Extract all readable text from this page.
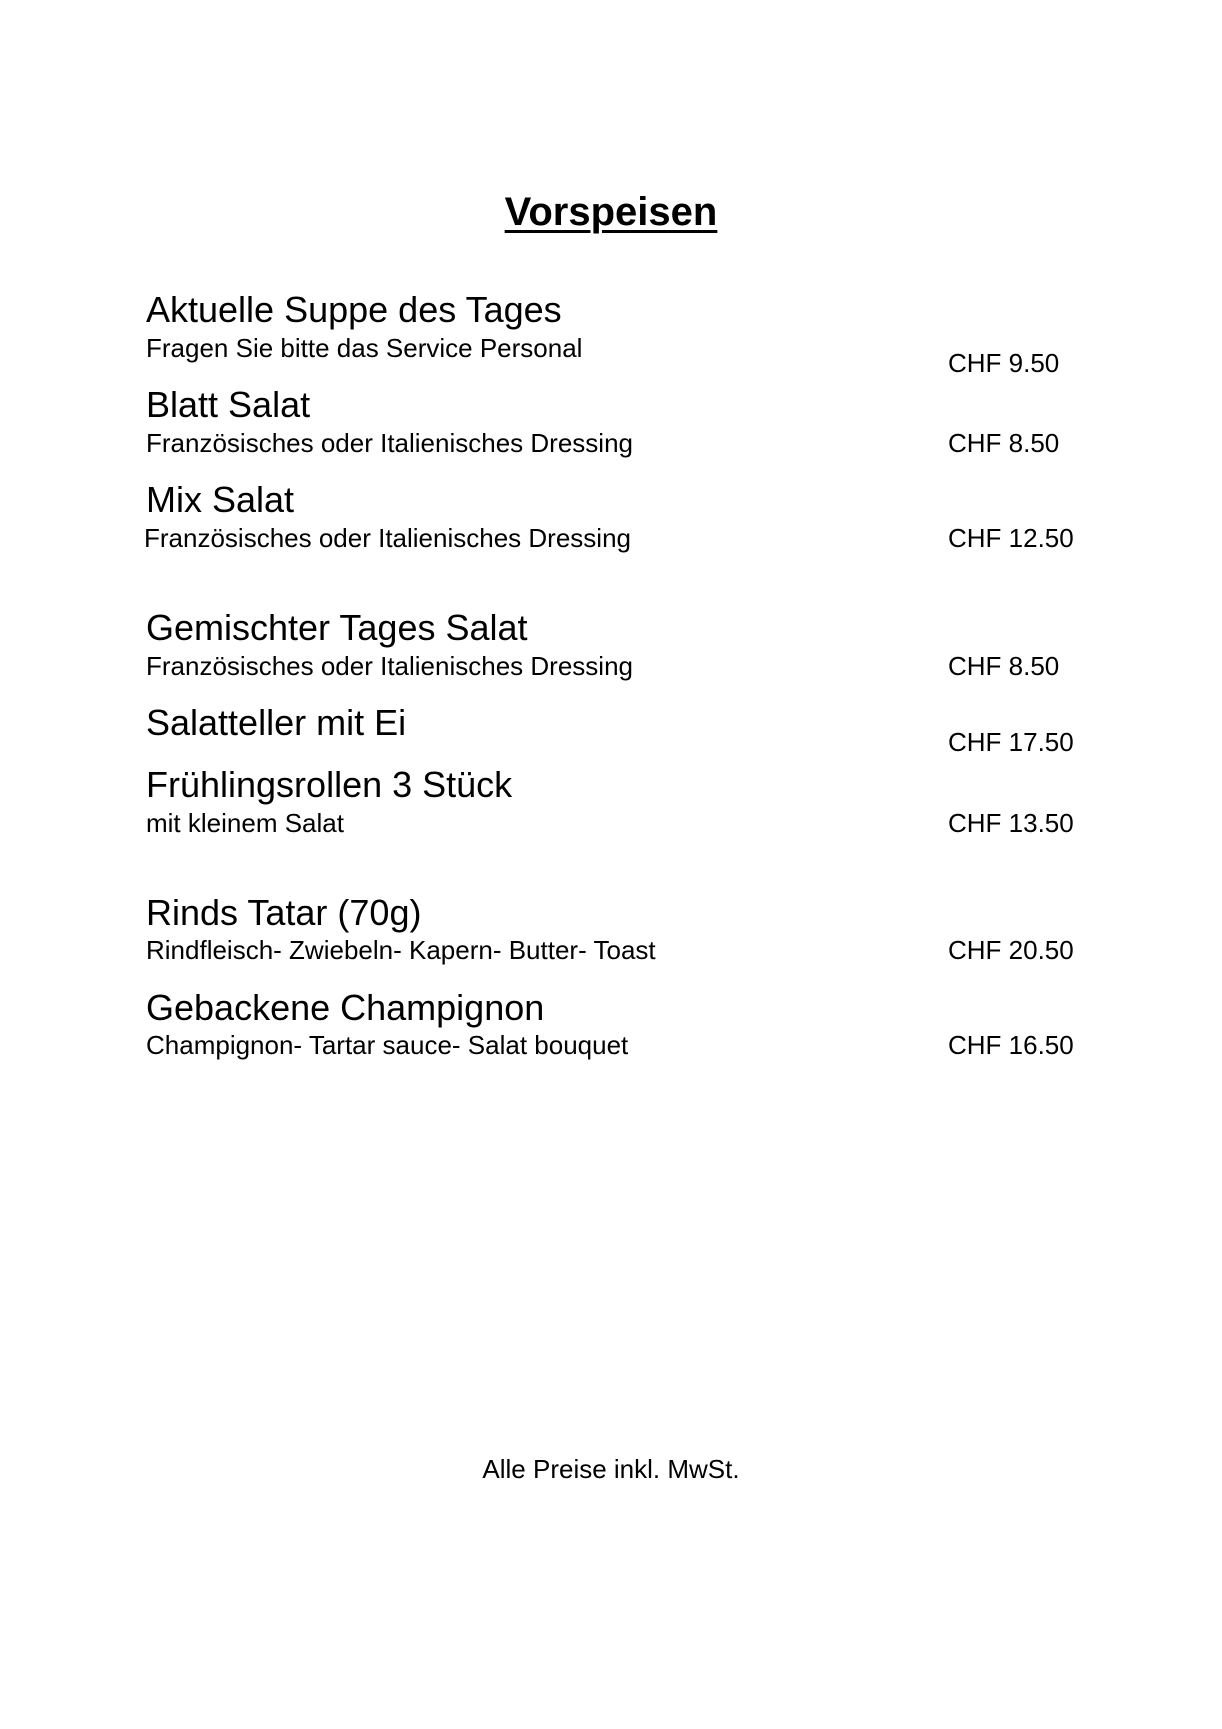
Vorspeisen
Aktuelle Suppe des Tages
Fragen Sie bitte das Service Personal	CHF 9.50
Blatt Salat
Französisches oder Italienisches Dressing	CHF 8.50
Mix Salat
Französisches oder Italienisches Dressing	CHF 12.50
Gemischter Tages Salat
Französisches oder Italienisches Dressing	CHF 8.50
Salatteller mit Ei	CHF 17.50
Frühlingsrollen 3 Stück
mit kleinem Salat	CHF 13.50
Rinds Tatar (70g)
Rindfleisch- Zwiebeln- Kapern- Butter- Toast	CHF 20.50
Gebackene Champignon
Champignon- Tartar sauce- Salat bouquet	CHF 16.50
Alle Preise inkl. MwSt.
